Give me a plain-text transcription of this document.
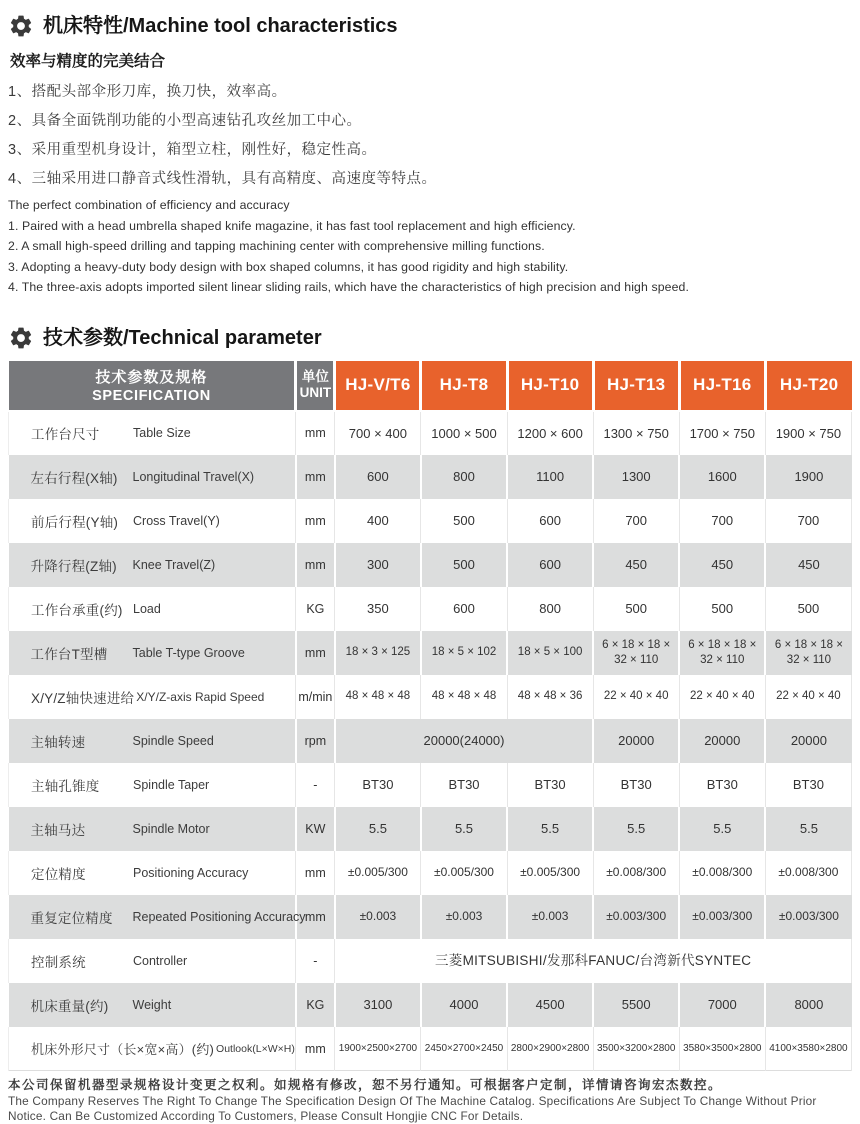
机床特性/Machine tool characteristics
效率与精度的完美结合
1、搭配头部伞形刀库，换刀快，效率高。
2、具备全面铣削功能的小型高速钻孔攻丝加工中心。
3、采用重型机身设计，箱型立柱，刚性好，稳定性高。
4、三轴采用进口静音式线性滑轨，具有高精度、高速度等特点。

The perfect combination of efficiency and accuracy

1. Paired with a head umbrella shaped knife magazine, it has fast tool replacement and high efficiency.

2. A small high-speed drilling and tapping machining center with comprehensive milling functions.

3. Adopting a heavy-duty body design with box shaped columns, it has good rigidity and high stability.

4. The three-axis adopts imported silent linear sliding rails, which have the characteristics of high precision and high speed.

技术参数/Technical parameter
技术参数及规格
SPECIFICATION

单位
UNIT	HJ-V/T6	HJ-T8	HJ-T10	HJ-T13	HJ-T16	HJ-T20

工作台尺寸 Table Size	mm	700 × 400	1000 × 500	1200 × 600	1300 × 750	1700 × 750	1900 × 750

左右行程(X轴) Longitudinal Travel(X)	mm	600	800	1100	1300	1600	1900

前后行程(Y轴) Cross Travel(Y)	mm	400	500	600	700	700	700

升降行程(Z轴) Knee Travel(Z)	mm	300	500	600	450	450	450

工作台承重(约) Load	KG	350	600	800	500	500	500

工作台T型槽 Table T-type Groove	mm	18 × 3 × 125	18 × 5 × 102	18 × 5 × 100	6 × 18 × 18 × 32 × 110	6 × 18 × 18 × 32 × 110	6 × 18 × 18 × 32 × 110

X/Y/Z轴快速进给 X/Y/Z-axis Rapid Speed	m/min	48 × 48 × 48	48 × 48 × 48	48 × 48 × 36	22 × 40 × 40	22 × 40 × 40	22 × 40 × 40

主轴转速 Spindle Speed	rpm	20000(24000)			20000	20000	20000

主轴孔锥度 Spindle Taper	-	BT30	BT30	BT30	BT30	BT30	BT30

主轴马达 Spindle Motor	KW	5.5	5.5	5.5	5.5	5.5	5.5

定位精度 Positioning Accuracy	mm	±0.005/300	±0.005/300	±0.005/300	±0.008/300	±0.008/300	±0.008/300

重复定位精度 Repeated Positioning Accuracy	mm	±0.003	±0.003	±0.003	±0.003/300	±0.003/300	±0.003/300

控制系统 Controller	-	三菱MITSUBISHI/发那科FANUC/台湾新代SYNTEC					

机床重量(约) Weight	KG	3100	4000	4500	5500	7000	8000

机床外形尺寸（长×宽×高）(约) Outlook(L×W×H)	mm	1900×2500×2700	2450×2700×2450	2800×2900×2800	3500×3200×2800	3580×3500×2800	4100×3580×2800

本公司保留机器型录规格设计变更之权利。如规格有修改，恕不另行通知。可根据客户定制，详情请咨询宏杰数控。

The Company Reserves The Right To Change The Specification Design Of The Machine Catalog. Specifications Are Subject To Change Without Prior Notice. Can Be Customized According To Customers, Please Consult Hongjie CNC For Details.
